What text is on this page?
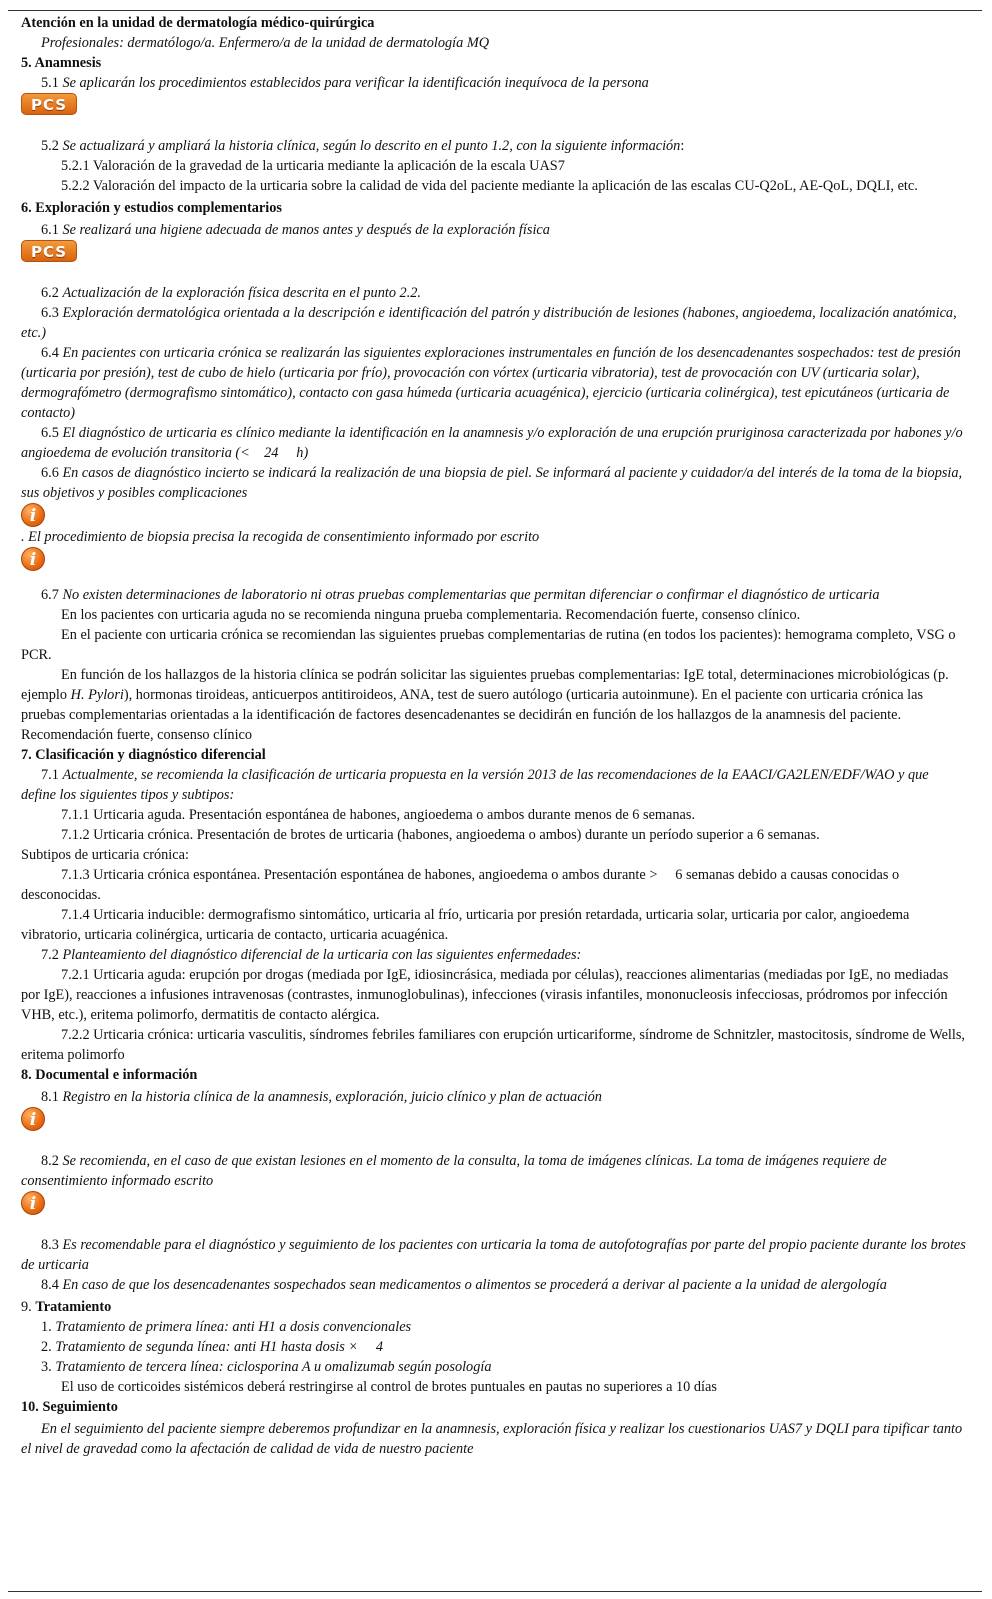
Atención en la unidad de dermatología médico-quirúrgica
Profesionales: dermatólogo/a. Enfermero/a de la unidad de dermatología MQ
5. Anamnesis
5.1 Se aplicarán los procedimientos establecidos para verificar la identificación inequívoca de la persona
PCS
5.2 Se actualizará y ampliará la historia clínica, según lo descrito en el punto 1.2, con la siguiente información:
5.2.1 Valoración de la gravedad de la urticaria mediante la aplicación de la escala UAS7
5.2.2 Valoración del impacto de la urticaria sobre la calidad de vida del paciente mediante la aplicación de las escalas CU-Q2oL, AE-QoL, DQLI, etc.
6. Exploración y estudios complementarios
6.1 Se realizará una higiene adecuada de manos antes y después de la exploración física
PCS
6.2 Actualización de la exploración física descrita en el punto 2.2.
6.3 Exploración dermatológica orientada a la descripción e identificación del patrón y distribución de lesiones (habones, angioedema, localización anatómica, etc.)
6.4 En pacientes con urticaria crónica se realizarán las siguientes exploraciones instrumentales en función de los desencadenantes sospechados: test de presión (urticaria por presión), test de cubo de hielo (urticaria por frío), provocación con vórtex (urticaria vibratoria), test de provocación con UV (urticaria solar), dermografómetro (dermografismo sintomático), contacto con gasa húmeda (urticaria acuagénica), ejercicio (urticaria colinérgica), test epicutáneos (urticaria de contacto)
6.5 El diagnóstico de urticaria es clínico mediante la identificación en la anamnesis y/o exploración de una erupción pruriginosa caracterizada por habones y/o angioedema de evolución transitoria (<    24     h)
6.6 En casos de diagnóstico incierto se indicará la realización de una biopsia de piel. Se informará al paciente y cuidador/a del interés de la toma de la biopsia, sus objetivos y posibles complicaciones
i
. El procedimiento de biopsia precisa la recogida de consentimiento informado por escrito
i
6.7 No existen determinaciones de laboratorio ni otras pruebas complementarias que permitan diferenciar o confirmar el diagnóstico de urticaria
En los pacientes con urticaria aguda no se recomienda ninguna prueba complementaria. Recomendación fuerte, consenso clínico.
En el paciente con urticaria crónica se recomiendan las siguientes pruebas complementarias de rutina (en todos los pacientes): hemograma completo, VSG o PCR.
En función de los hallazgos de la historia clínica se podrán solicitar las siguientes pruebas complementarias: IgE total, determinaciones microbiológicas (p. ejemplo H. Pylori), hormonas tiroideas, anticuerpos antitiroideos, ANA, test de suero autólogo (urticaria autoinmune). En el paciente con urticaria crónica las pruebas complementarias orientadas a la identificación de factores desencadenantes se decidirán en función de los hallazgos de la anamnesis del paciente. Recomendación fuerte, consenso clínico
7. Clasificación y diagnóstico diferencial
7.1 Actualmente, se recomienda la clasificación de urticaria propuesta en la versión 2013 de las recomendaciones de la EAACI/GA2LEN/EDF/WAO y que define los siguientes tipos y subtipos:
7.1.1 Urticaria aguda. Presentación espontánea de habones, angioedema o ambos durante menos de 6 semanas.
7.1.2 Urticaria crónica. Presentación de brotes de urticaria (habones, angioedema o ambos) durante un período superior a 6 semanas.
Subtipos de urticaria crónica:
7.1.3 Urticaria crónica espontánea. Presentación espontánea de habones, angioedema o ambos durante >     6 semanas debido a causas conocidas o desconocidas.
7.1.4 Urticaria inducible: dermografismo sintomático, urticaria al frío, urticaria por presión retardada, urticaria solar, urticaria por calor, angioedema vibratorio, urticaria colinérgica, urticaria de contacto, urticaria acuagénica.
7.2 Planteamiento del diagnóstico diferencial de la urticaria con las siguientes enfermedades:
7.2.1 Urticaria aguda: erupción por drogas (mediada por IgE, idiosincrásica, mediada por células), reacciones alimentarias (mediadas por IgE, no mediadas por IgE), reacciones a infusiones intravenosas (contrastes, inmunoglobulinas), infecciones (virasis infantiles, mononucleosis infecciosas, pródromos por infección VHB, etc.), eritema polimorfo, dermatitis de contacto alérgica.
7.2.2 Urticaria crónica: urticaria vasculitis, síndromes febriles familiares con erupción urticariforme, síndrome de Schnitzler, mastocitosis, síndrome de Wells, eritema polimorfo
8. Documental e información
8.1 Registro en la historia clínica de la anamnesis, exploración, juicio clínico y plan de actuación
i
8.2 Se recomienda, en el caso de que existan lesiones en el momento de la consulta, la toma de imágenes clínicas. La toma de imágenes requiere de consentimiento informado escrito
i
8.3 Es recomendable para el diagnóstico y seguimiento de los pacientes con urticaria la toma de autofotografías por parte del propio paciente durante los brotes de urticaria
8.4 En caso de que los desencadenantes sospechados sean medicamentos o alimentos se procederá a derivar al paciente a la unidad de alergología
9. Tratamiento
1. Tratamiento de primera línea: anti H1 a dosis convencionales
2. Tratamiento de segunda línea: anti H1 hasta dosis ×     4
3. Tratamiento de tercera línea: ciclosporina A u omalizumab según posología
El uso de corticoides sistémicos deberá restringirse al control de brotes puntuales en pautas no superiores a 10 días
10. Seguimiento
En el seguimiento del paciente siempre deberemos profundizar en la anamnesis, exploración física y realizar los cuestionarios UAS7 y DQLI para tipificar tanto el nivel de gravedad como la afectación de calidad de vida de nuestro paciente
